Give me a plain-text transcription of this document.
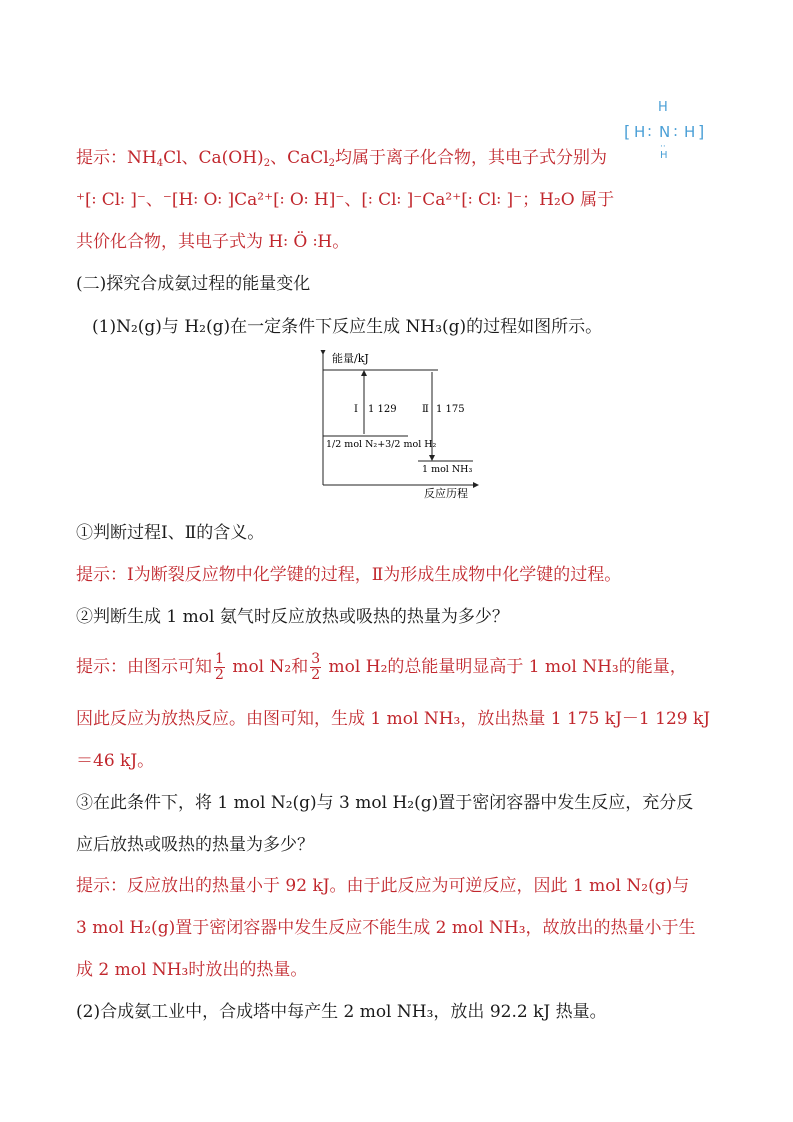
H
[ H ꞉ N ꞉ H ]
⋅⋅
H
提示：$NH_4Cl$、$Ca(OH)_2$、CaCl$_2$均属于离子化合物，其电子式分别为
⁺[꞉ Cl꞉ ]⁻、⁻[H꞉ O꞉ ]Ca²⁺[꞉ O꞉ H]⁻、[꞉ Cl꞉ ]⁻Ca²⁺[꞉ Cl꞉ ]⁻；H₂O 属于
共价化合物，其电子式为 H꞉ Ö ꞉H。
(二)探究合成氨过程的能量变化
(1)N₂(g)与 H₂(g)在一定条件下反应生成 NH₃(g)的过程如图所示。
能量/kJ
反应历程
Ⅰ 1 129	Ⅱ 1 175
1/2 mol N₂+3/2 mol H₂
1 mol NH₃
①判断过程Ⅰ、Ⅱ的含义。
提示：Ⅰ为断裂反应物中化学键的过程，Ⅱ为形成生成物中化学键的过程。
②判断生成 1 mol 氨气时反应放热或吸热的热量为多少？
提示：由图示可知 $\frac{1}{2}$ mol N₂和 $\frac{3}{2}$ mol H₂的总能量明显高于 1 mol NH₃的能量，
因此反应为放热反应。由图可知，生成 1 mol NH₃，放出热量 1 175 kJ－1 129 kJ
＝46 kJ。
③在此条件下，将 1 mol N₂(g)与 3 mol H₂(g)置于密闭容器中发生反应，充分反
应后放热或吸热的热量为多少？
提示：反应放出的热量小于 92 kJ。由于此反应为可逆反应，因此 1 mol N₂(g)与
3 mol H₂(g)置于密闭容器中发生反应不能生成 2 mol NH₃，故放出的热量小于生
成 2 mol NH₃时放出的热量。
(2)合成氨工业中，合成塔中每产生 2 mol NH₃，放出 92.2 kJ 热量。
